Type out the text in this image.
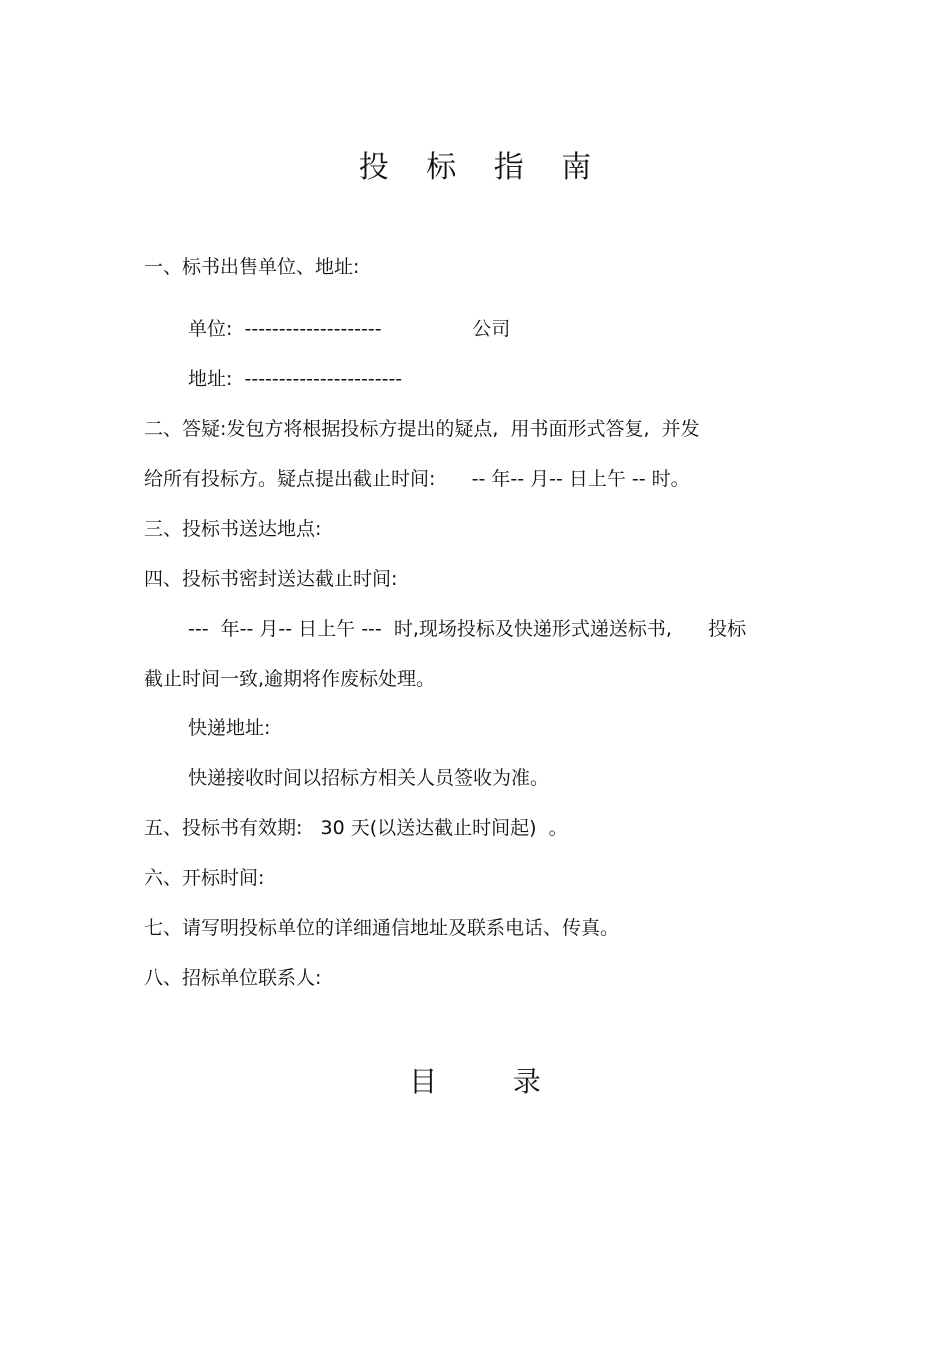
投 标 指 南
一、标书出售单位、地址:
单位:  --------------------               公司
地址:  -----------------------
二、答疑:发包方将根据投标方提出的疑点,  用书面形式答复,  并发
给所有投标方。疑点提出截止时间:      -- 年-- 月-- 日上午 -- 时。
三、投标书送达地点:
四、投标书密封送达截止时间:
---  年-- 月-- 日上午 ---  时,现场投标及快递形式递送标书,      投标
截止时间一致,逾期将作废标处理。
快递地址:
快递接收时间以招标方相关人员签收为准。
五、投标书有效期:   30 天(以送达截止时间起)  。
六、开标时间:
七、请写明投标单位的详细通信地址及联系电话、传真。
八、招标单位联系人:
目	录
